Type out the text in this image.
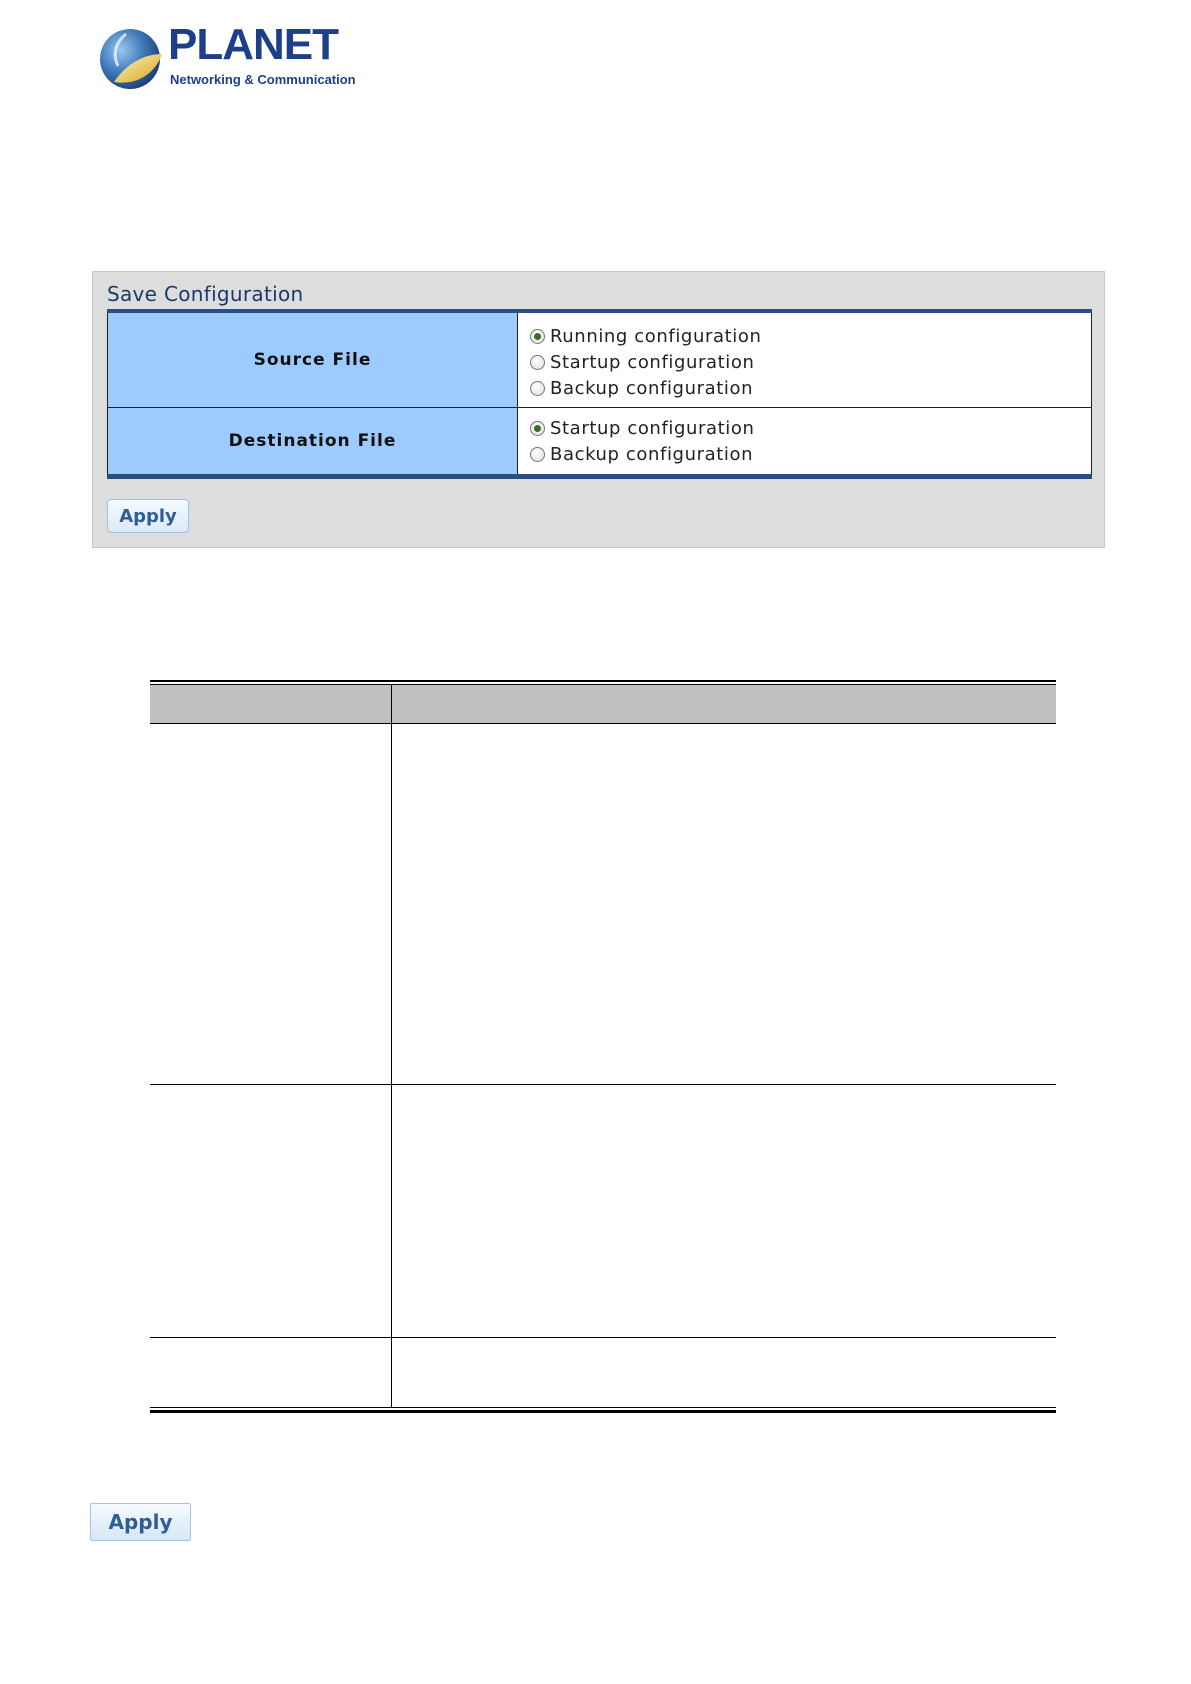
PLANET
Networking & Communication
Save Configuration
Source File	Running configuration
Startup configuration
Backup configuration

Destination File	Startup configuration
Backup configuration
Apply
Apply
